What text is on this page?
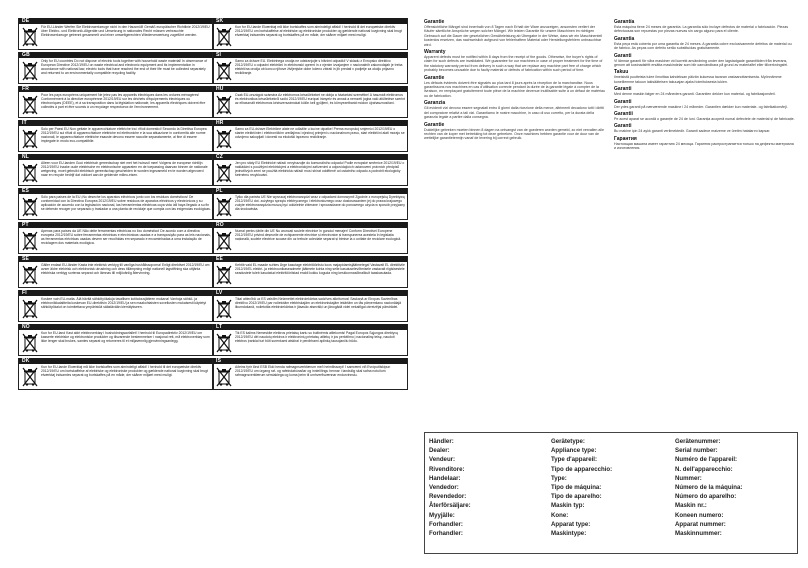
DE
Für EU-Länder Werfen Sie Elektrowerkzeuge nicht in den Hausmüll! Gemäß europäischer Richtlinie 2012/19/EU über Elektro- und Elektronik-Altgeräte und Umsetzung in nationales Recht müssen verbrauchte Elektrowerkzeuge getrennt gesammelt und einer umweltgerechten Wiederverwertung zugeführt werden.
GB
Only for EU countries Do not dispose of electric tools together with household waste material! In observance of European Directive 2012/19/EU on waste electrical and electronic equipment and its implementation in accordance with national law, electric tools that have reached the end of their life must be collected separately and returned to an environmentally compatible recycling facility.
FR
Pour les pays européens uniquement Ne jetez pas les appareils électriques dans les ordures ménagères! Conformément à la directive européenne 2012/19/EU sur les déchets d'équipements électriques ou électroniques (DEEE), et à sa transposition dans la législation nationale, les appareils électriques doivent être collectés à part et être soumis à un recyclage respectueux de l'environnement.
IT
Solo per Paesi EU Non gettate le apparecchiature elettriche tra i rifiuti domestici! Secondo la Direttiva Europea 2012/19/EU sui rifiuti di apparecchiature elettriche ed elettroniche e la sua attuazione in conformità alle norme nazionali, le apparecchiature elettriche esauste devono essere raccolte separatamente, al fine di essere impiegate in modo eco-compatibile.
NL
Alleen voor EU-landen Gooi elektrisch gereedschap niet met het huisvuil mee! Volgens de europese richtlijn 2012/19/EU inzake oude elektrische en elektronische apparaten en de toepassing daarvan binnen de nationale wetgeving, moet gebruikt elektrisch gereedschap gescheiden te worden ingezameld en te worden afgevoerd naar en recycle bedrijf dat voldoet aan de geldende milieu-eisen.
ES
Sólo para países de la EU ¡No deseche los aparatos eléctricos junto con los residuos domésticos! De conformidad con la Directiva Europea 2012/19/EU sobre residuos de aparatos eléctricos y electrónicos y su aplicación de acuerdo con la legislación nacional, las herramientas eléctricas cuya vida útil haya llegado a su fin se deberán recoger por separado y trasladar a una planta de reciclaje que cumpla con las exigencias ecológicas.
PT
Apenas para países da UE Não deite ferramentas eléctricas no lixo doméstico! De acordo com a directiva europeia 2012/19/EU sobre ferramentas eléctricas e electrónicas usadas e a transposição para as leis nacionais, as ferramentas eléctricas usadas devem ser recolhidas em separado e encaminhadas a uma instalação de reciclagem dos materiais ecológica.
SE
Gäller endast EU-länder Kasta inte elektrisk verktyg till vanliga hushållssoporna! Enligt direktivet 2012/19/EU om avser äldre elektrisk och elektronisk utrustning och dess tillämpning enligt nationell lagstiftning ska uttjänta elektriska verktyg sorteras separat och lämnas till miljövänlig återvinning.
FI
Koskee vain EU-maita. Älä hävitä sähkötyökaluja tavallisen kotitalousjätteen mukana! Vanhoja sähkö- ja elektroniikkalaitteita koskevan EU-direktiivin 2012/19/EU ja sen maakohtaisten sovellusten mukaisesti käytetyt sähkötyökalut on toimitettava ympäristöä säästävään kierrätykseen.
NO
Kun for EU-land Kast aldri elektroverktøy i husholdningsavfallet! I henhold til Europadirektiv 2012/19/EU om kasserte elektriske og elektroniske produkter og tilsvarende bestemmelser i nasjonal rett, må elektroverktøy som ikke lenger skal brukes, samles separat og returneres til et miljøvennlig gjenvinningsanlegg.
DK
Kun for EU-lande Elværktøj må ikke bortskaffes som almindeligt affald! I henhold til det europæiske direktiv 2012/19/EU om bortskaffelse af elektriske og elektroniske produkter og gældende national lovgivning skal brugt elværktøj indsamles separat og bortskaffes på en måde, der skåner miljøet mest muligt.
SK
Kun for EU-lande Elværktøj må ikke bortskaffes som almindeligt affald! I henhold til det europæiske direktiv 2012/19/EU om bortskaffelse af elektriske og elektroniske produkter og gældende national lovgivning skal brugt elværktøj indsamles separat og bortskaffes på en måde, der skåner miljøet mest muligt.
SI
Samo za države EU. Elektrinega orodja ne odstranjujte s hišnimi odpadki! V skladu z Evropsko direktivo 2012/19/EU o odpadni električni in elektronski opremi in z njenim izvajanjem v nacionalnih zakonodajah je treba električna orodja ob koncu njihove življenjske dobe ločeno zbirati in jih predati v podjetje za okolju prijazno recikliranje.
HU
Csak EU-országok számára Az elektromos készülékeket ne dobja a háztartási szemétbe! A használt elektromos és elektronikus készülékekről szóló 2012/19/EU európai irányelv és annak a nemzeti jogba való átültetése szerint az elhasznált elektromos kéziszerszámokat külön kell gyűjteni, és környezetbarát módon újrahasznosítani.
HR
Samo za EU-države Električne alate ne odlažite u kućne otpatke! Prema europskoj smjernici 2012/19/EU o starim električnim i elektroničkim uređajima i njezinoj primjeni u nacionalnom pravu, stari električni alati moraju se odvojeno sakupljati i dovesti na ekološki ispravno recikliranje.
CZ
Jen pro státy EU Elektrické nářadí nevyhazujte do komunálního odpadu! Podle evropské směrnice 2012/19/EU o nakládání s použitými elektrickými a elektronickými zařízeními a odpovídajících ustanovení právních předpisů jednotlivých zemí se použitá elektrická nářadí musí sbírat odděleně od ostatního odpadu a podrobit ekologicky šetrnému recyklování.
PL
Tylko dla państw UE Nie wyrzucaj elektronarzędzi wraz z odpadami domowymi! Zgodnie z europejską Dyrektywą 2012/19/EU dot. zużytego sprzętu elektrycznego i elektronicznego oraz dostosowaniem jej do prawa krajowego zużyte elektronarzędzia muszą być oddzielnie zbierane i sprowadzane do ponownego użycia w sposób przyjazny dla środowiska.
RO
Numai pentru țările din UE Nu aruncați sculele electrice în gunoiul menajer! Conform Directivei Europene 2012/19/EU privind deșeurile de echipamente electrice și electronice și transpunerea acesteia în legislația națională, sculele electrice scoase din uz trebuie colectate separat și trimise la o unitate de reciclare ecologică.
EE
Kehtib vaid EL maade suhtes Ärge kasutage elektritööriistu koos majapidamisjäätmetega! Vastavalt EL direktiivile 2012/19/EL elektri- ja elektroonikaseadmete jäätmete kohta ning selle kasutuselevõtmisele vastavalt riigisisestele seadustele tuleb kasutatud elektritööriistad eraldi kokku koguda ning keskkonnasõbralikult taaskasutada.
LV
Tikai attiecībā uz ES valstīm Neizmetiet elektroiekārtas sadzīves atkritumos! Saskaņā ar Eiropas Savienības direktīvu 2012/19/EU par nolietotām elektriskajām un elektroniskajām iekārtām un tās pārņemšanu nacionālajā likumdošanā, nolietotās elektroiekārtas ir jāsavāc atsevišķi un jānogādā videi nekaitīgai otrreizējai pārstrādei.
LT
Tik ES šalims Nemeskite elektros prietaisų kartu su buitinėmis atliekomis! Pagal Europos Sąjungos direktyvą 2012/19/EU dėl naudotų elektros ir elektroninių prietaisų atliekų ir jos perkėlimo į nacionalinę teisę, naudoti elektros įrankiai turi būti surenkami atskirai ir perdirbami aplinką tausojančiu būdu.
IS
Aðeins fyrir lönd ESB Ekki henda rafmagnsverkfærum með heimilissorpi! Í samræmi við Evróputilskipun 2012/19/EU um úrgang raf- og rafeindabúnaðar og innleiðingu hennar í landslög skal safna notuðum rafmagnsverkfærum sérstaklega og koma þeim til umhverfisvænnar endurvinnslu.
Garantie

Offensichtliche Mängel sind innerhalb von 8 Tagen nach Erhalt der Ware anzuzeigen, ansonsten verliert der Käufer sämtliche Ansprüche wegen solcher Mängel. Wir leisten Garantie für unsere Maschinen im richtigen Gebrauch auf die Dauer der gesetzlichen Gewährleistung ab Übergabe in der Weise, dass wir ein Maschinenteil kostenlos ersetzen, das nachweislich aufgrund von fehlerhaftem Material oder Herstellungsfehlern unbrauchbar wird.

Warranty

Apparent defects must be notified within 8 days from the receipt of the goods. Otherwise, the buyer's rights of claim for such defects are invalidated. We guarantee for our machines in case of proper treatment for the time of the statutory warranty period from delivery in such a way that we replace any machine part free of charge which probably becomes unusable due to faulty material or defects of fabrication within such period of time.

Garantie

Les défauts évidents doivent être signalés au plus tard 8 jours après la réception de la marchandise. Nous garantissons nos machines en cas d'utilisation correcte pendant la durée de la garantie légale à compter de la livraison, en remplaçant gratuitement toute pièce de la machine devenue inutilisable suite à un défaut de matériau ou de fabrication.

Garanzia

Gli evidenti vizi devono essere segnalati entro 8 giorni dalla ricezione della merce, altrimenti decadono tutti i diritti del compratore relativi a tali vizi. Garantiamo le nostre macchine, in caso di uso corretto, per la durata della garanzia legale a partire dalla consegna.

Garantie

Duidelijke gebreken moeten binnen 8 dagen na ontvangst van de goederen worden gemeld, zo niet vervallen alle rechten van de koper met betrekking tot deze gebreken. Onze machines hebben garantie voor de duur van de wettelijke garantietermijn vanaf de levering bij correct gebruik.

Garantía

Esta máquina tiene 24 meses de garantía. La garantía sólo incluye defectos de material o fabricación. Piezas defectuosas son repuestas por piezas nuevas sin cargo alguno para el cliente.

Garantia

Esta peça está coberta por uma garantia de 24 meses. A garantia cobre exclusivamente defeitos de material ou de fabrico. As peças com defeito serão substituídas gratuitamente.

Garanti

Vi lämnar garanti för våra maskiner vid korrekt användning under den lagstadgade garantitiden från leverans, genom att kostnadsfritt ersätta maskindelar som blir oanvändbara på grund av materialfel eller tillverkningsfel.

Takuu

Ilmeisistä puutteista tulee ilmoittaa kahdeksan päivän kuluessa tavaran vastaanottamisesta. Myönnämme koneillemme takuun lakisääteisen takuuajan ajaksi toimituksesta lukien.

Garanti

Med denne maskin følger en 24 måneders garanti. Garantien dekker kun material- og fabrikasjonsfeil.

Garanti

Der ydes garanti på nærværende maskine i 24 måneder. Garantien dækker kun materiale- og fabrikationsfejl.

Garantii

Pe acest aparat se acordă o garanție de 24 de luni. Garanția acoperă numai defectele de material și de fabricație.

Garanti

Bu makine için 24 aylık garanti verilmektedir. Garanti sadece malzeme ve üretim hatalarını kapsar.

Гарантия

Настоящая машина имеет гарантию 24 месяца. Гарантия распространяется только на дефекты материала и изготовления.

Händler:
Dealer:
Vendeur:
Rivenditore:
Handelaar:
Vendedor:
Revendedor:
Återförsäljare:
Myyjälle:
Forhandler:
Forhandler:
Gerätetype:
Appliance type:
Type d'appareil:
Tipo de apparecchio:
Type:
Tipo de máquina:
Tipo de aparelho:
Maskin typ:
Kone:
Apparat type:
Maskintype:
Gerätenummer:
Serial number:
Numéro de l'appareil:
N. dell'apparecchio:
Nummer:
Número de la máquina:
Número do aparelho:
Maskin nr.:
Koneen numero:
Apparat nummer:
Maskinnummer:
